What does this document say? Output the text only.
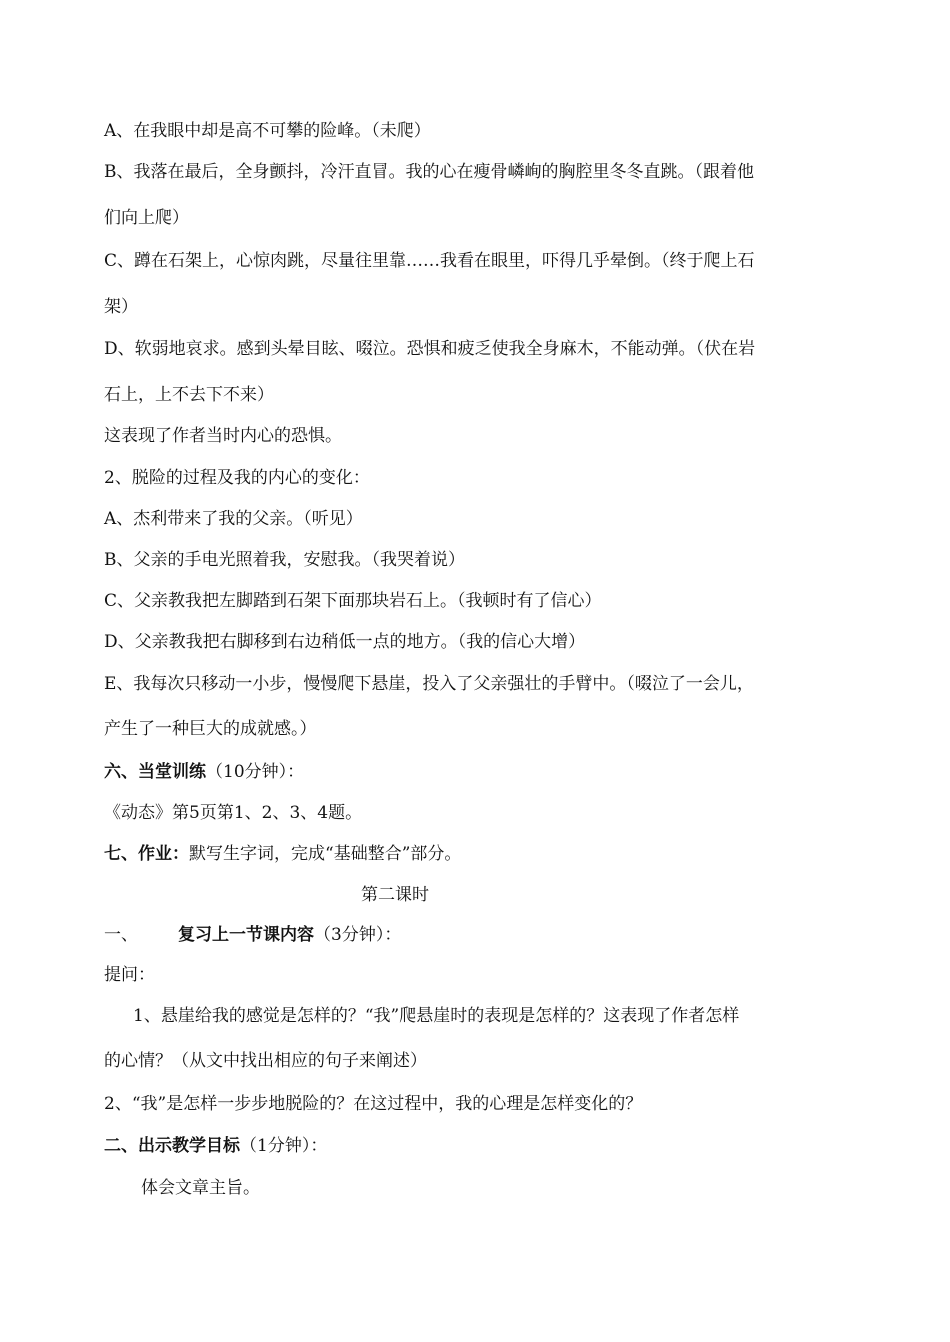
A、在我眼中却是高不可攀的险峰。（未爬）
B、我落在最后，全身颤抖，冷汗直冒。我的心在瘦骨嶙峋的胸腔里冬冬直跳。（跟着他
们向上爬）
C、蹲在石架上，心惊肉跳，尽量往里靠……我看在眼里，吓得几乎晕倒。（终于爬上石
架）
D、软弱地哀求。感到头晕目眩、啜泣。恐惧和疲乏使我全身麻木，不能动弹。（伏在岩
石上，上不去下不来）
这表现了作者当时内心的恐惧。
2、脱险的过程及我的内心的变化：
A、杰利带来了我的父亲。（听见）
B、父亲的手电光照着我，安慰我。（我哭着说）
C、父亲教我把左脚踏到石架下面那块岩石上。（我顿时有了信心）
D、父亲教我把右脚移到右边稍低一点的地方。（我的信心大增）
E、我每次只移动一小步，慢慢爬下悬崖，投入了父亲强壮的手臂中。（啜泣了一会儿，
产生了一种巨大的成就感。）
六、当堂训练（10分钟）：
《动态》第5页第1、2、3、4题。
七、作业：默写生字词，完成“基础整合”部分。
第二课时
一、 复习上一节课内容（3分钟）：
提问：
1、悬崖给我的感觉是怎样的？“我”爬悬崖时的表现是怎样的？这表现了作者怎样
的心情？（从文中找出相应的句子来阐述）
2、“我”是怎样一步步地脱险的？在这过程中，我的心理是怎样变化的？
二、出示教学目标（1分钟）：
体会文章主旨。
